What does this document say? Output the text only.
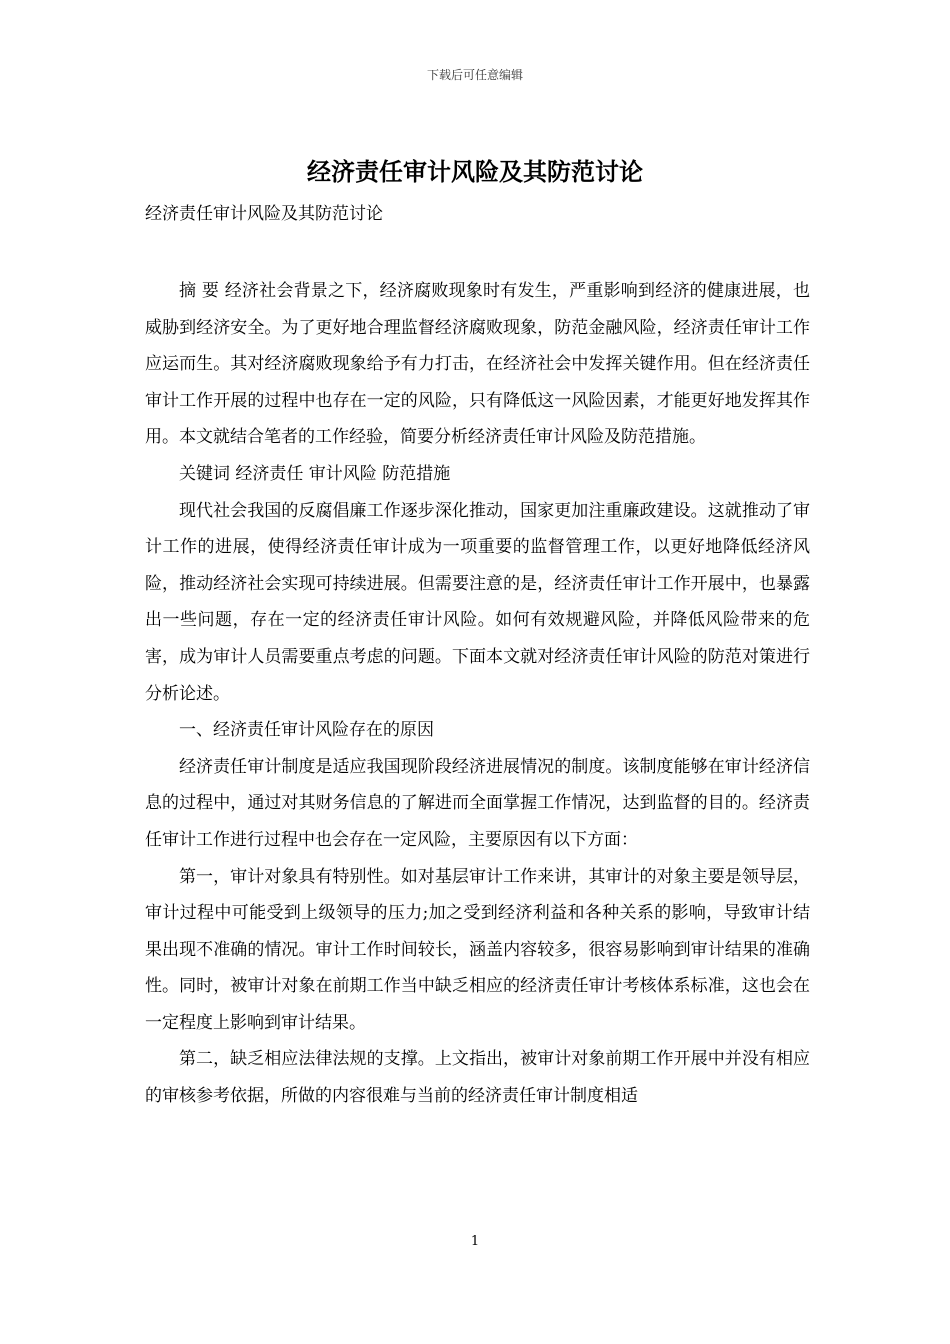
下载后可任意编辑
经济责任审计风险及其防范讨论
经济责任审计风险及其防范讨论

摘 要 经济社会背景之下，经济腐败现象时有发生，严重影响到经济的健康进展，也威胁到经济安全。为了更好地合理监督经济腐败现象，防范金融风险，经济责任审计工作应运而生。其对经济腐败现象给予有力打击，在经济社会中发挥关键作用。但在经济责任审计工作开展的过程中也存在一定的风险，只有降低这一风险因素，才能更好地发挥其作用。本文就结合笔者的工作经验，简要分析经济责任审计风险及防范措施。

关键词 经济责任 审计风险 防范措施

现代社会我国的反腐倡廉工作逐步深化推动，国家更加注重廉政建设。这就推动了审计工作的进展，使得经济责任审计成为一项重要的监督管理工作，以更好地降低经济风险，推动经济社会实现可持续进展。但需要注意的是，经济责任审计工作开展中，也暴露出一些问题，存在一定的经济责任审计风险。如何有效规避风险，并降低风险带来的危害，成为审计人员需要重点考虑的问题。下面本文就对经济责任审计风险的防范对策进行分析论述。

一、经济责任审计风险存在的原因

经济责任审计制度是适应我国现阶段经济进展情况的制度。该制度能够在审计经济信息的过程中，通过对其财务信息的了解进而全面掌握工作情况，达到监督的目的。经济责任审计工作进行过程中也会存在一定风险，主要原因有以下方面：

第一，审计对象具有特别性。如对基层审计工作来讲，其审计的对象主要是领导层，审计过程中可能受到上级领导的压力;加之受到经济利益和各种关系的影响，导致审计结果出现不准确的情况。审计工作时间较长，涵盖内容较多，很容易影响到审计结果的准确性。同时，被审计对象在前期工作当中缺乏相应的经济责任审计考核体系标准，这也会在一定程度上影响到审计结果。

第二，缺乏相应法律法规的支撑。上文指出，被审计对象前期工作开展中并没有相应的审核参考依据，所做的内容很难与当前的经济责任审计制度相适

1
